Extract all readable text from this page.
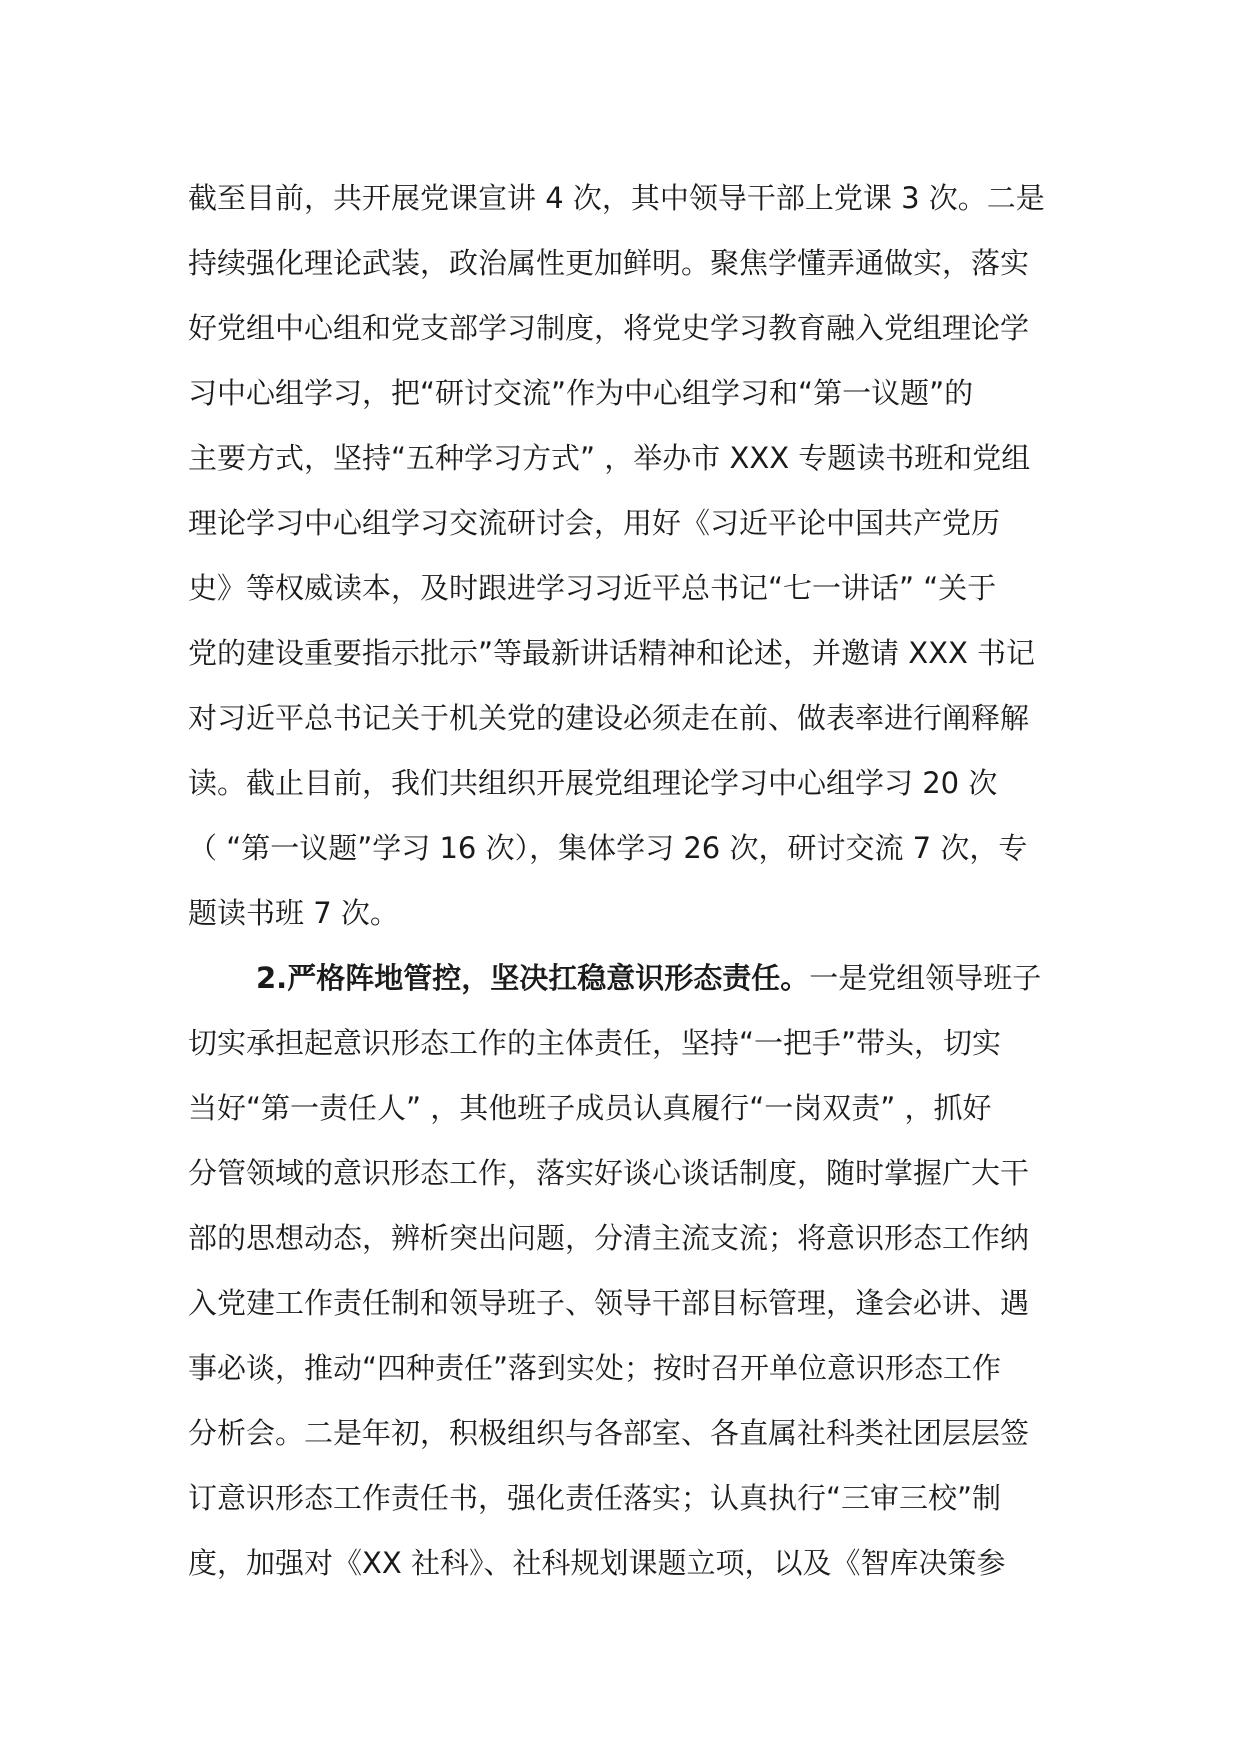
截至目前，共开展党课宣讲 4 次，其中领导干部上党课 3 次。二是
持续强化理论武装，政治属性更加鲜明。聚焦学懂弄通做实，落实
好党组中心组和党支部学习制度，将党史学习教育融入党组理论学
习中心组学习，把“研讨交流”作为中心组学习和“第一议题”的
主要方式，坚持“五种学习方式” ，举办市 XXX 专题读书班和党组
理论学习中心组学习交流研讨会，用好《习近平论中国共产党历
史》等权威读本，及时跟进学习习近平总书记“七一讲话” “关于
党的建设重要指示批示”等最新讲话精神和论述，并邀请 XXX 书记
对习近平总书记关于机关党的建设必须走在前、做表率进行阐释解
读。截止目前，我们共组织开展党组理论学习中心组学习 20 次
（ “第一议题”学习 16 次），集体学习 26 次，研讨交流 7 次，专
题读书班 7 次。
2.严格阵地管控，坚决扛稳意识形态责任。一是党组领导班子
切实承担起意识形态工作的主体责任，坚持“一把手”带头，切实
当好“第一责任人” ，其他班子成员认真履行“一岗双责” ，抓好
分管领域的意识形态工作，落实好谈心谈话制度，随时掌握广大干
部的思想动态，辨析突出问题，分清主流支流；将意识形态工作纳
入党建工作责任制和领导班子、领导干部目标管理，逢会必讲、遇
事必谈，推动“四种责任”落到实处；按时召开单位意识形态工作
分析会。二是年初，积极组织与各部室、各直属社科类社团层层签
订意识形态工作责任书，强化责任落实；认真执行“三审三校”制
度，加强对《XX 社科》、社科规划课题立项，以及《智库决策参
